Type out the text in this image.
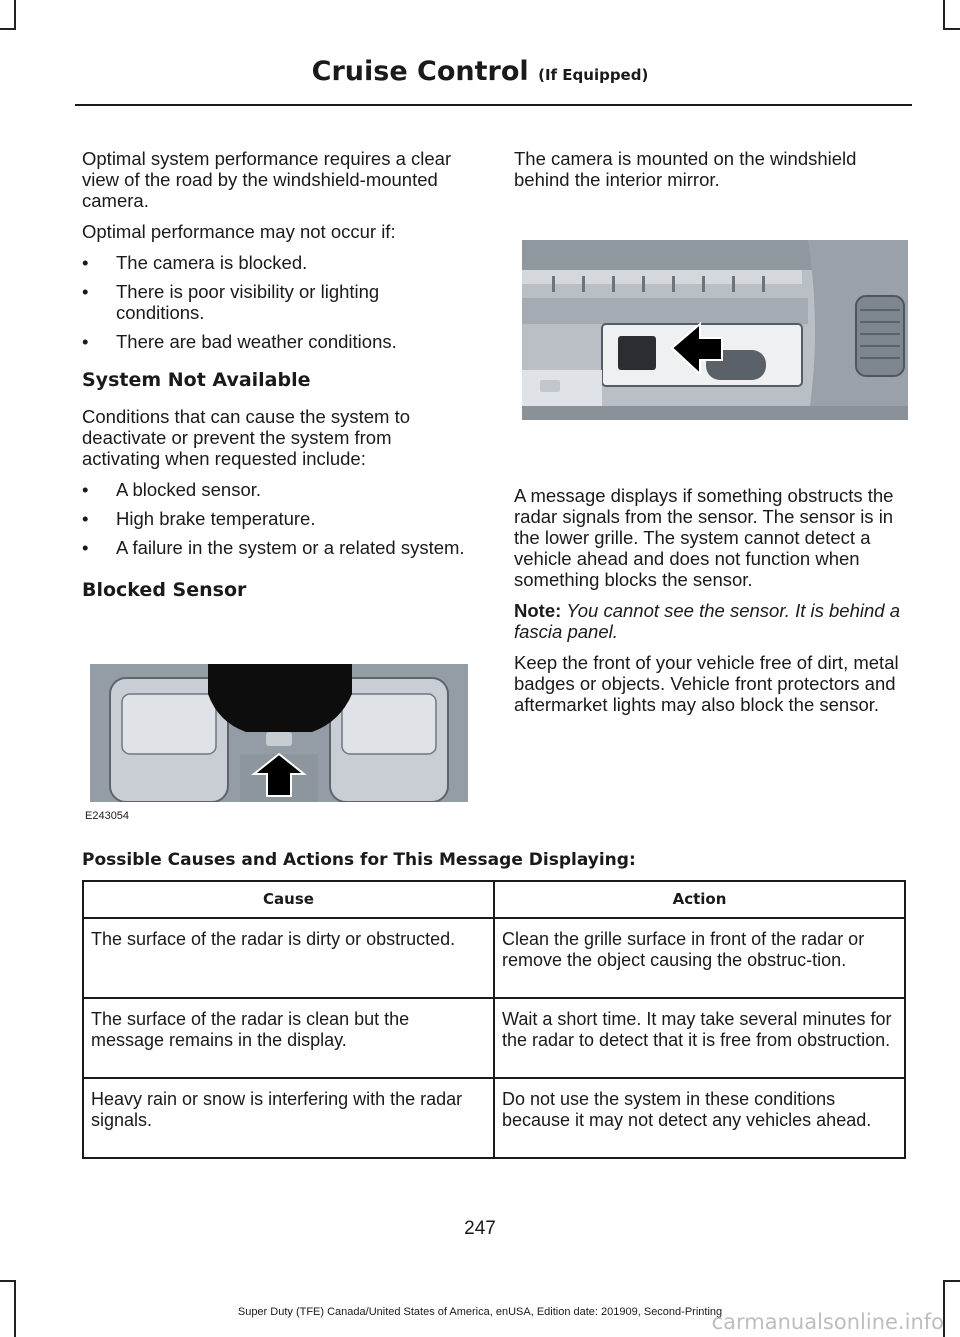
Cruise Control (If Equipped)

Optimal system performance requires a clear view of the road by the windshield-mounted camera.

Optimal performance may not occur if:

• The camera is blocked.
• There is poor visibility or lighting conditions.
• There are bad weather conditions.
System Not Available

Conditions that can cause the system to deactivate or prevent the system from activating when requested include:

• A blocked sensor.
• High brake temperature.
• A failure in the system or a related system.
Blocked Sensor
E243054

The camera is mounted on the windshield behind the interior mirror.

A message displays if something obstructs the radar signals from the sensor. The sensor is in the lower grille. The system cannot detect a vehicle ahead and does not function when something blocks the sensor.

Note: You cannot see the sensor. It is behind a fascia panel.

Keep the front of your vehicle free of dirt, metal badges or objects. Vehicle front protectors and aftermarket lights may also block the sensor.

Possible Causes and Actions for This Message Displaying:
Cause	Action
The surface of the radar is dirty or obstructed.	Clean the grille surface in front of the radar or remove the object causing the obstruc-tion.
The surface of the radar is clean but the message remains in the display.	Wait a short time. It may take several minutes for the radar to detect that it is free from obstruction.
Heavy rain or snow is interfering with the radar signals.	Do not use the system in these conditions because it may not detect any vehicles ahead.
247
Super Duty (TFE) Canada/United States of America, enUSA, Edition date: 201909, Second-Printing
carmanualsonline.info
